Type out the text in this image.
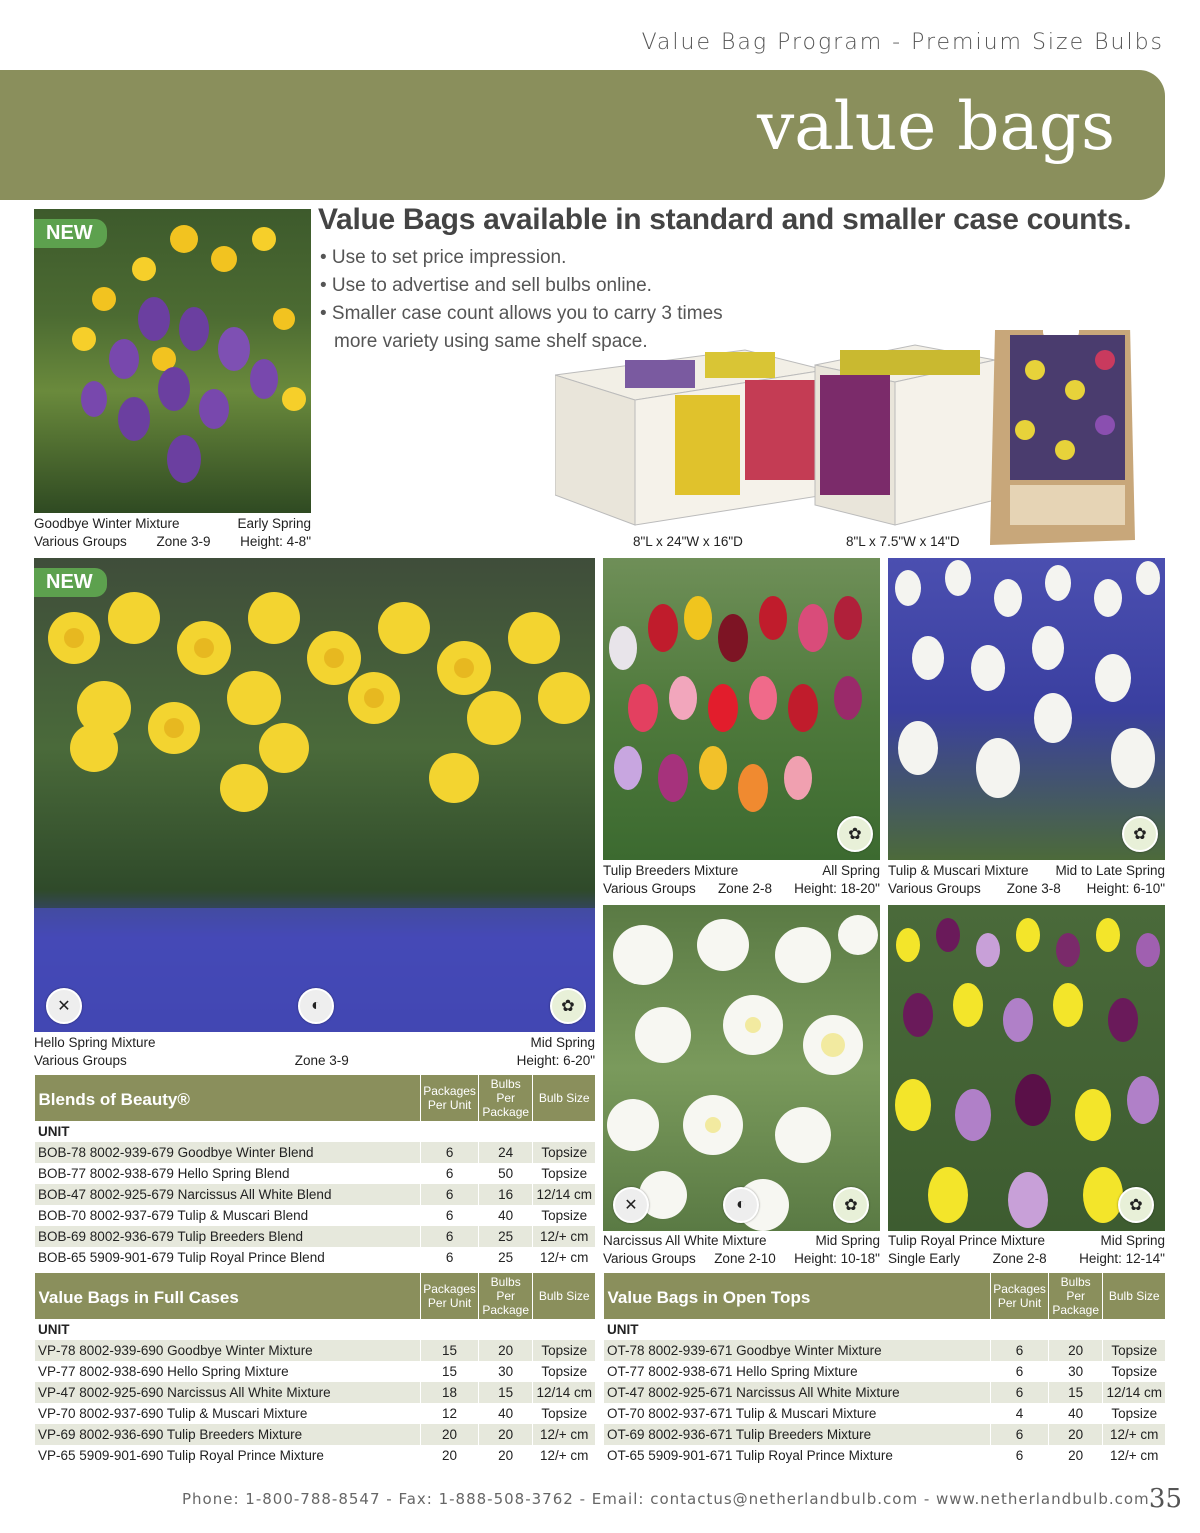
Value Bag Program - Premium Size Bulbs
value bags
NEW
Goodbye Winter Mixture	Early Spring
Various Groups Zone 3-9 Height: 4-8"
Value Bags available in standard and smaller case counts.
• Use to set price impression.
• Use to advertise and sell bulbs online.
• Smaller case count allows you to carry 3 times more variety using same shelf space.
8"L x 24"W x 16"D	8"L x 7.5"W x 14"D
NEW
✕	◐	✿
Hello Spring Mixture	Mid Spring
Various Groups	Zone 3-9	Height: 6-20"
✿
Tulip Breeders Mixture	All Spring
Various Groups Zone 2-8 Height: 18-20"
✿
Tulip & Muscari Mixture Mid to Late Spring
Various Groups Zone 3-8 Height: 6-10"
✕	◐	✿
Narcissus All White Mixture	Mid Spring
Various Groups Zone 2-10 Height: 10-18"
✿
Tulip Royal Prince Mixture	Mid Spring
Single Early Zone 2-8 Height: 12-14"
Blends of Beauty®	Packages Per Unit	Bulbs Per Package	Bulb Size
UNIT			
BOB-78 8002-939-679 Goodbye Winter Blend	6	24	Topsize
BOB-77 8002-938-679 Hello Spring Blend	6	50	Topsize
BOB-47 8002-925-679 Narcissus All White Blend	6	16	12/14 cm
BOB-70 8002-937-679 Tulip & Muscari Blend	6	40	Topsize
BOB-69 8002-936-679 Tulip Breeders Blend	6	25	12/+ cm
BOB-65 5909-901-679 Tulip Royal Prince Blend	6	25	12/+ cm
Value Bags in Full Cases	Packages Per Unit	Bulbs Per Package	Bulb Size
UNIT			
VP-78 8002-939-690 Goodbye Winter Mixture	15	20	Topsize
VP-77 8002-938-690 Hello Spring Mixture	15	30	Topsize
VP-47 8002-925-690 Narcissus All White Mixture	18	15	12/14 cm
VP-70 8002-937-690 Tulip & Muscari Mixture	12	40	Topsize
VP-69 8002-936-690 Tulip Breeders Mixture	20	20	12/+ cm
VP-65 5909-901-690 Tulip Royal Prince Mixture	20	20	12/+ cm
Value Bags in Open Tops	Packages Per Unit	Bulbs Per Package	Bulb Size
UNIT			
OT-78 8002-939-671 Goodbye Winter Mixture	6	20	Topsize
OT-77 8002-938-671 Hello Spring Mixture	6	30	Topsize
OT-47 8002-925-671 Narcissus All White Mixture	6	15	12/14 cm
OT-70 8002-937-671 Tulip & Muscari Mixture	4	40	Topsize
OT-69 8002-936-671 Tulip Breeders Mixture	6	20	12/+ cm
OT-65 5909-901-671 Tulip Royal Prince Mixture	6	20	12/+ cm
Phone: 1-800-788-8547 - Fax: 1-888-508-3762 - Email: contactus@netherlandbulb.com - www.netherlandbulb.com 35
